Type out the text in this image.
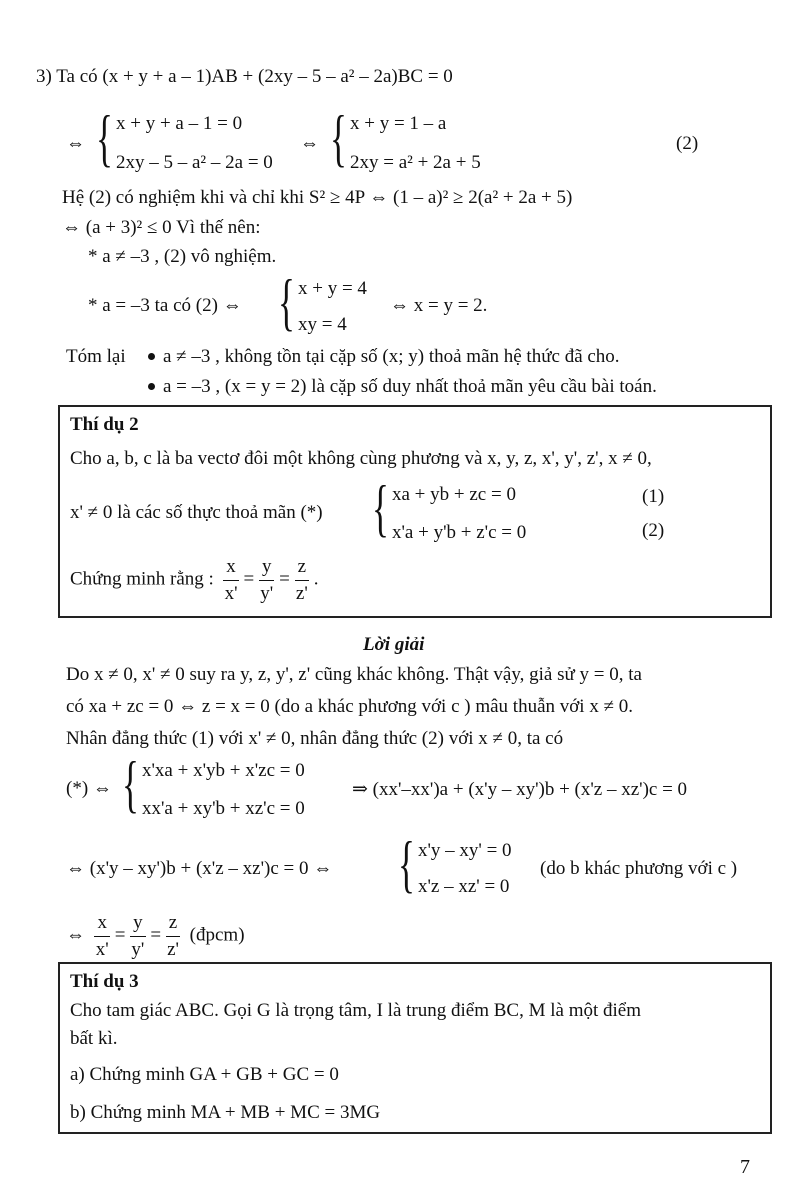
3) Ta có (x + y + a – 1)AB + (2xy – 5 – a² – 2a)BC = 0
⇔ { x + y + a – 1 = 0
2xy – 5 – a² – 2a = 0
⇔ { x + y = 1 – a
2xy = a² + 2a + 5
(2)
Hệ (2) có nghiệm khi và chỉ khi S² ≥ 4P ⇔ (1 – a)² ≥ 2(a² + 2a + 5)
⇔ (a + 3)² ≤ 0 Vì thế nên:
* a ≠ –3 , (2) vô nghiệm.
* a = –3 ta có (2) ⇔ { x + y = 4
xy = 4
⇔ x = y = 2.
Tóm lại	a ≠ –3 , không tồn tại cặp số (x; y) thoả mãn hệ thức đã cho.
a = –3 , (x = y = 2) là cặp số duy nhất thoả mãn yêu cầu bài toán.
Thí dụ 2
Cho a, b, c là ba vectơ đôi một không cùng phương và x, y, z, x', y', z', x ≠ 0,
x' ≠ 0 là các số thực thoả mãn (*) { xa + yb + zc = 0
x'a + y'b + z'c = 0
(1)
(2)
Chứng minh rằng : $\frac{x}{x'} = \frac{y}{y'} = \frac{z}{z'}$ .
Lời giải
Do x ≠ 0, x' ≠ 0 suy ra y, z, y', z' cũng khác không. Thật vậy, giả sử y = 0, ta
có xa + zc = 0 ⇔ z = x = 0 (do a khác phương với c ) mâu thuẫn với x ≠ 0.
Nhân đẳng thức (1) với x' ≠ 0, nhân đẳng thức (2) với x ≠ 0, ta có
(*) ⇔ { x'xa + x'yb + x'zc = 0
xx'a + xy'b + xz'c = 0
⇒ (xx'–xx')a + (x'y – xy')b + (x'z – xz')c = 0
⇔ (x'y – xy')b + (x'z – xz')c = 0 ⇔ { x'y – xy' = 0
x'z – xz' = 0
(do b khác phương với c )
⇔ $\frac{x}{x'} = \frac{y}{y'} = \frac{z}{z'}$ (đpcm)
Thí dụ 3
Cho tam giác ABC. Gọi G là trọng tâm, I là trung điểm BC, M là một điểm
bất kì.
a) Chứng minh GA + GB + GC = 0
b) Chứng minh MA + MB + MC = 3MG
7
